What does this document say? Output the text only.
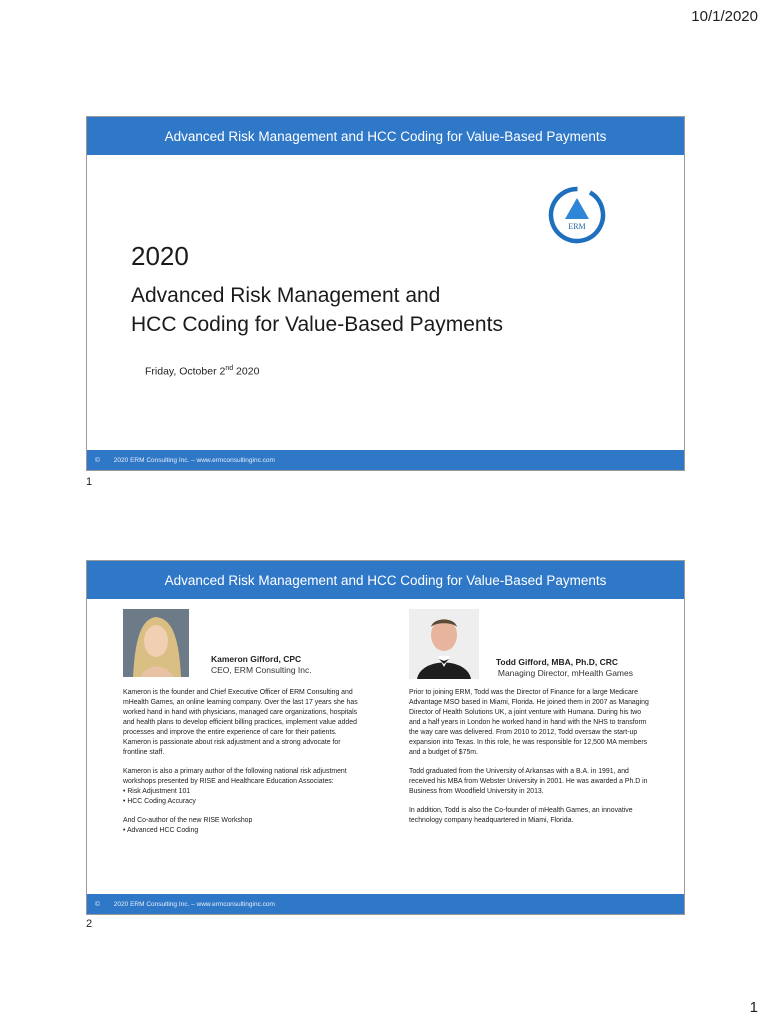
10/1/2020
Advanced Risk Management and HCC Coding for Value-Based Payments
ERM
2020
Advanced Risk Management and
HCC Coding for Value-Based Payments
Friday, October 2nd 2020
© 2020 ERM Consulting Inc. – www.ermconsultinginc.com
1
Advanced Risk Management and HCC Coding for Value-Based Payments
Kameron Gifford, CPC
CEO, ERM Consulting Inc.
Todd Gifford, MBA, Ph.D, CRC
Managing Director, mHealth Games

Kameron is the founder and Chief Executive Officer of ERM Consulting and mHealth Games, an online learning company. Over the last 17 years she has worked hand in hand with physicians, managed care organizations, hospitals and health plans to develop efficient billing practices, implement value added processes and improve the entire experience of care for their patients. Kameron is passionate about risk adjustment and a strong advocate for frontline staff.

Kameron is also a primary author of the following national risk adjustment workshops presented by RISE and Healthcare Education Associates:

• Risk Adjustment 101
• HCC Coding Accuracy

And Co-author of the new RISE Workshop

• Advanced HCC Coding

Prior to joining ERM, Todd was the Director of Finance for a large Medicare Advantage MSO based in Miami, Florida. He joined them in 2007 as Managing Director of Health Solutions UK, a joint venture with Humana. During his two and a half years in London he worked hand in hand with the NHS to transform the way care was delivered. From 2010 to 2012, Todd oversaw the start-up expansion into Texas. In this role, he was responsible for 12,500 MA members and a budget of $75m.

Todd graduated from the University of Arkansas with a B.A. in 1991, and received his MBA from Webster University in 2001. He was awarded a Ph.D in Business from Woodfield University in 2013.

In addition, Todd is also the Co-founder of mHealth Games, an innovative technology company headquartered in Miami, Florida.

© 2020 ERM Consulting Inc. – www.ermconsultinginc.com
2
1
